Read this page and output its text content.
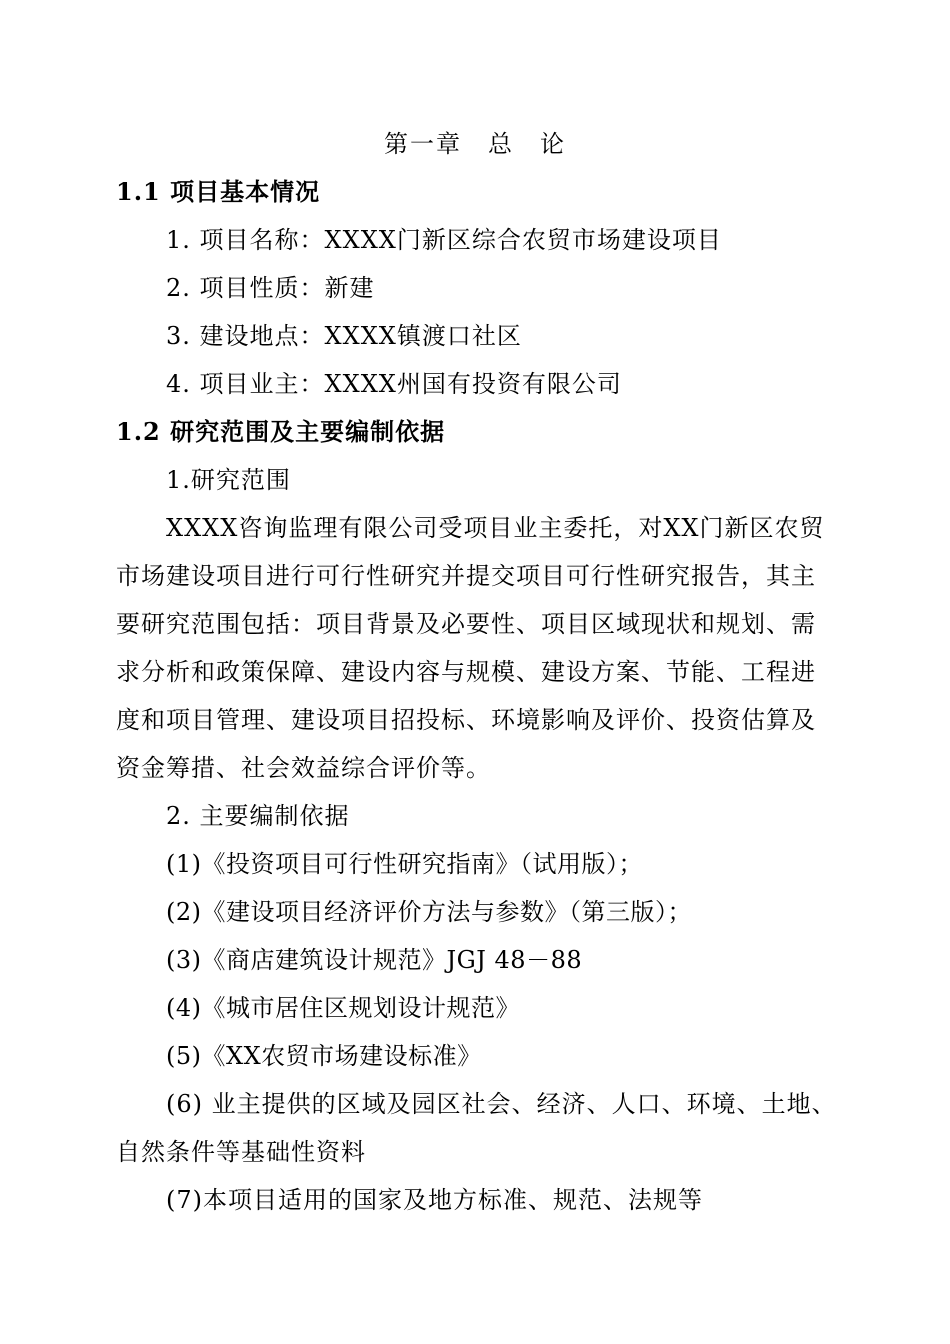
第一章　总　论
1.1 项目基本情况
1. 项目名称：XXXX门新区综合农贸市场建设项目
2. 项目性质：新建
3. 建设地点：XXXX镇渡口社区
4. 项目业主：XXXX州国有投资有限公司
1.2 研究范围及主要编制依据
1.研究范围
XXXX咨询监理有限公司受项目业主委托，对XX门新区农贸
市场建设项目进行可行性研究并提交项目可行性研究报告，其主
要研究范围包括：项目背景及必要性、项目区域现状和规划、需
求分析和政策保障、建设内容与规模、建设方案、节能、工程进
度和项目管理、建设项目招投标、环境影响及评价、投资估算及
资金筹措、社会效益综合评价等。
2. 主要编制依据
(1)《投资项目可行性研究指南》（试用版）；
(2)《建设项目经济评价方法与参数》（第三版）；
(3)《商店建筑设计规范》JGJ 48－88
(4)《城市居住区规划设计规范》
(5)《XX农贸市场建设标准》
(6) 业主提供的区域及园区社会、经济、人口、环境、土地、
自然条件等基础性资料
(7)本项目适用的国家及地方标准、规范、法规等
